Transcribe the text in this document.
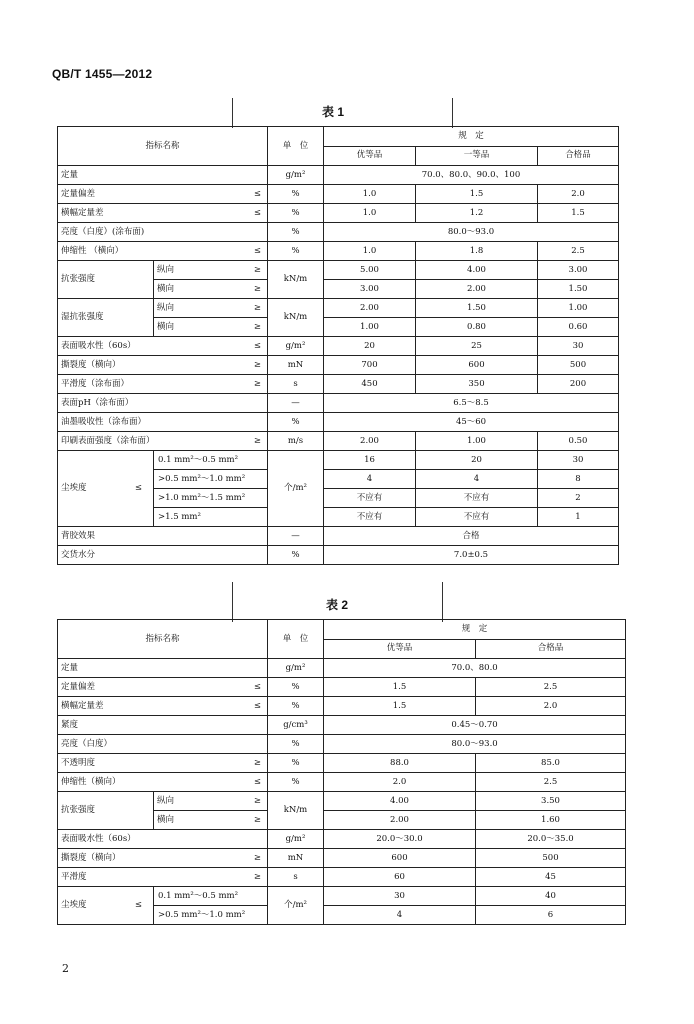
QB/T 1455—2012
表 1
指标名称			单　位	规　定		
				优等品	一等品	合格品
定量			g/m²	70.0、80.0、90.0、100		
定量偏差		≤	%	1.0	1.5	2.0
横幅定量差		≤	%	1.0	1.2	1.5
亮度（白度）(涂布面)			%	80.0～93.0		
伸缩性 （横向）		≤	%	1.0	1.8	2.5
抗张强度	纵向	≥	kN/m	5.00	4.00	3.00
	横向	≥		3.00	2.00	1.50
湿抗张强度	纵向	≥	kN/m	2.00	1.50	1.00
	横向	≥		1.00	0.80	0.60
表面吸水性（60s）		≤	g/m²	20	25	30
撕裂度（横向）		≥	mN	700	600	500
平滑度（涂布面）		≥	s	450	350	200
表面pH（涂布面）			—	6.5～8.5		
油墨吸收性（涂布面）			%	45～60		
印刷表面强度（涂布面）		≥	m/s	2.00	1.00	0.50
尘埃度 ≤	0.1 mm²～0.5 mm²		个/m²	16	20	30
	>0.5 mm²～1.0 mm²			4	4	8
	>1.0 mm²～1.5 mm²			不应有	不应有	2
	>1.5 mm²			不应有	不应有	1
背胶效果			—	合格		
交货水分			%	7.0±0.5		
表 2
指标名称			单　位	规　定	
				优等品	合格品
定量			g/m²	70.0、80.0	
定量偏差		≤	%	1.5	2.5
横幅定量差		≤	%	1.5	2.0
紧度			g/cm³	0.45～0.70	
亮度（白度）			%	80.0～93.0	
不透明度		≥	%	88.0	85.0
伸缩性（横向）		≤	%	2.0	2.5
抗张强度	纵向	≥	kN/m	4.00	3.50
	横向	≥		2.00	1.60
表面吸水性（60s）			g/m²	20.0～30.0	20.0～35.0
撕裂度（横向）		≥	mN	600	500
平滑度		≥	s	60	45
尘埃度 ≤	0.1 mm²～0.5 mm²		个/m²	30	40
	>0.5 mm²～1.0 mm²			4	6
2
